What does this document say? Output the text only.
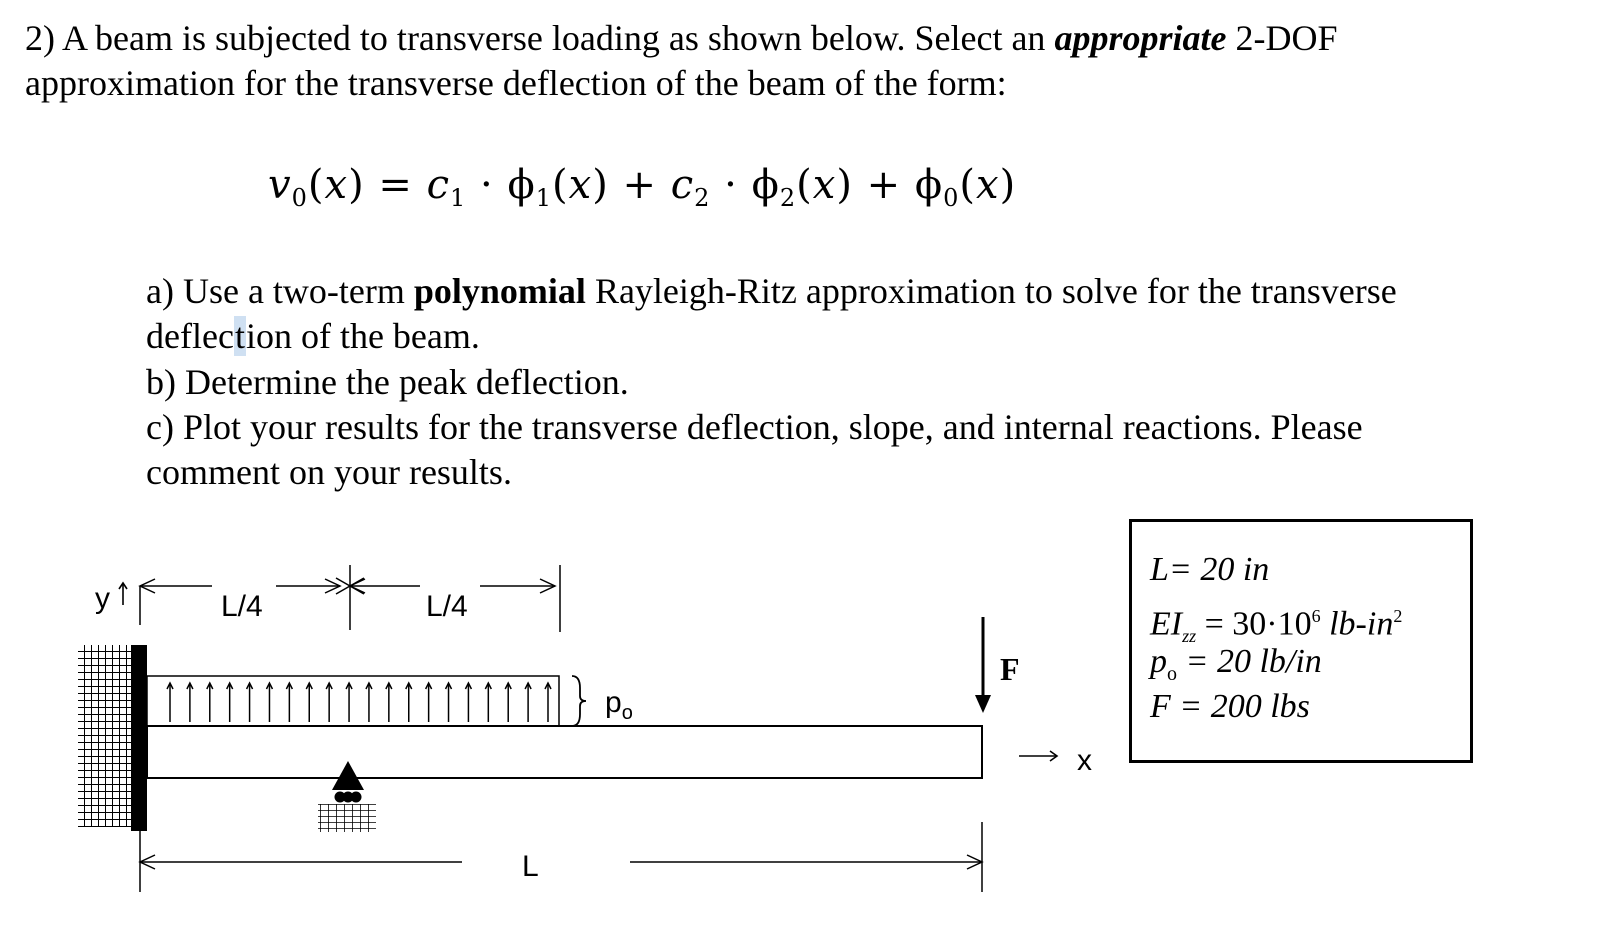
2) A beam is subjected to transverse loading as shown below. Select an appropriate 2-DOF
approximation for the transverse deflection of the beam of the form:
$v_0(x) = c_1 \cdot \phi_1(x) + c_2 \cdot \phi_2(x) + \phi_0(x)$
a) Use a two-term polynomial Rayleigh-Ritz approximation to solve for the transverse
deflection of the beam.
b) Determine the peak deflection.
c) Plot your results for the transverse deflection, slope, and internal reactions. Please
comment on your results.
L= 20 in
$EI_{zz} = 30\cdot 10^6$ $lb-in^2$
$p_o = 20$ lb/in
F = 200 lbs
y	L/4	L/4
$p_o$
F
x
L
